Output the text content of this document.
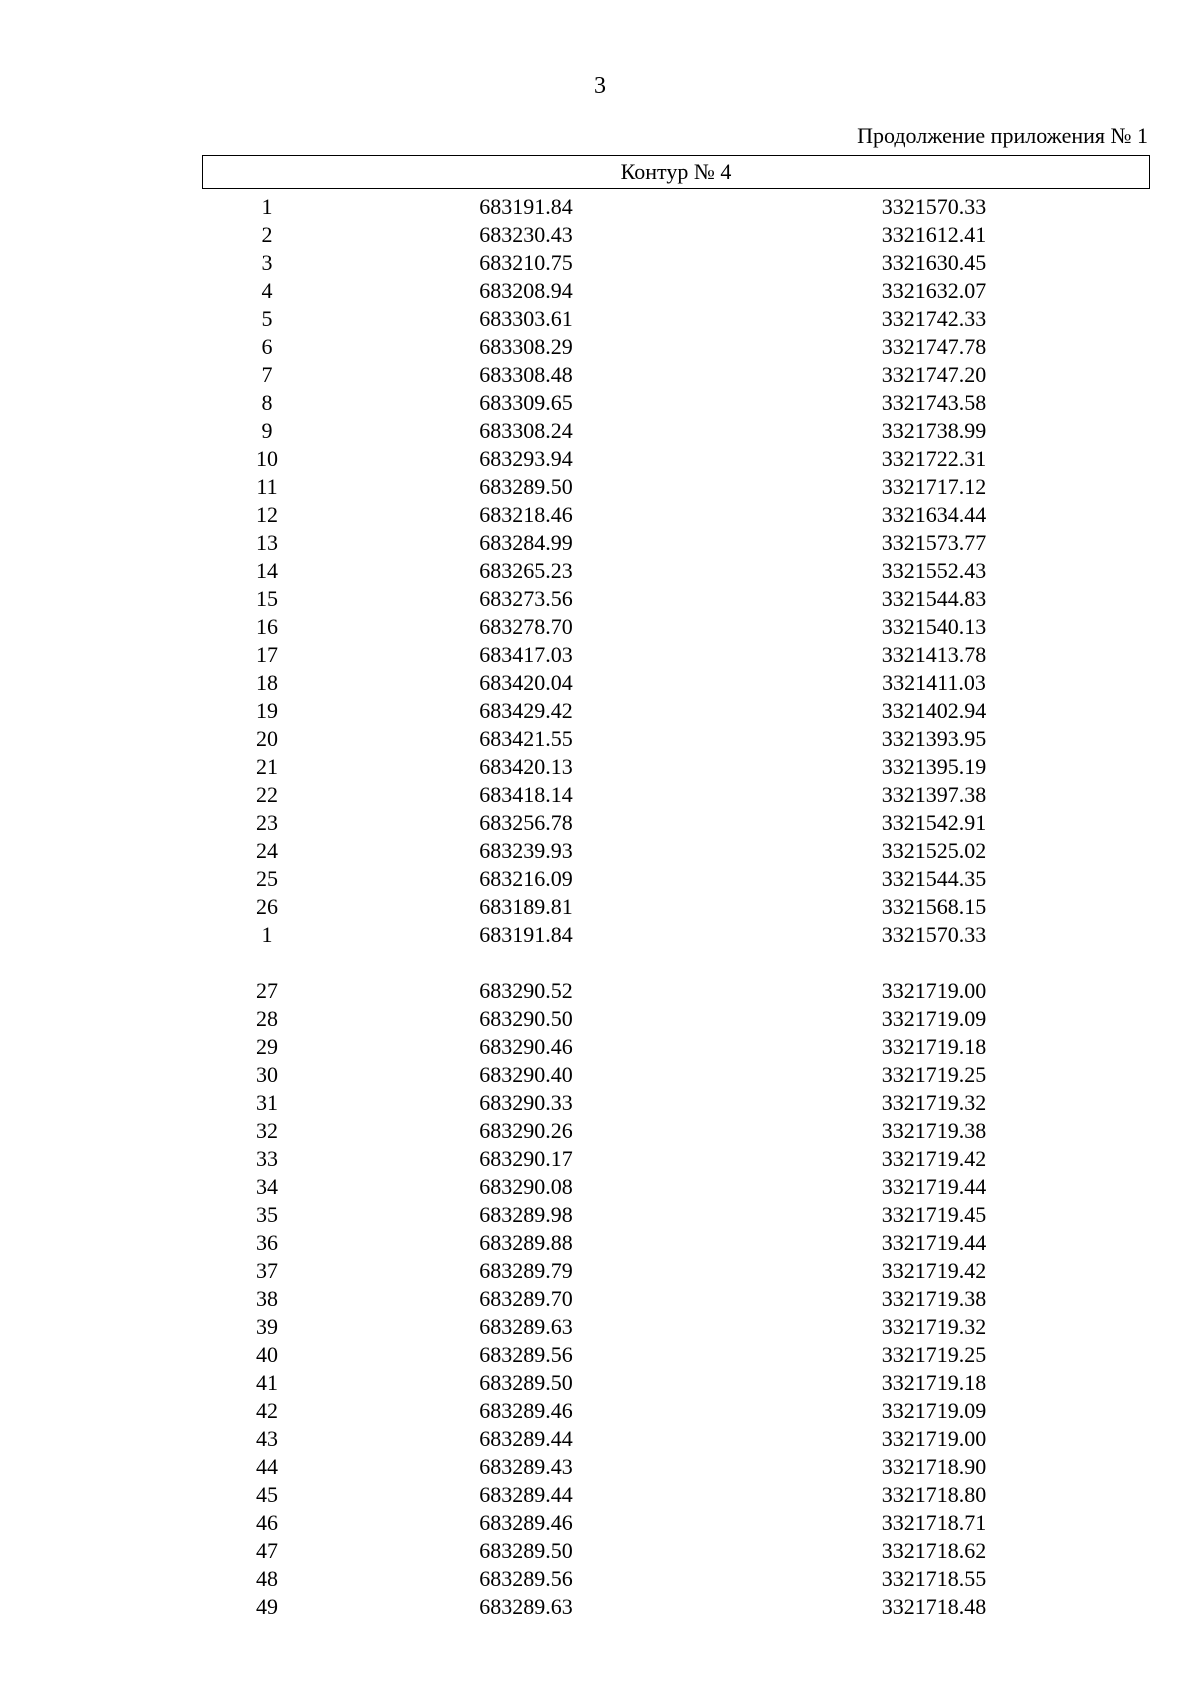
3
Продолжение приложения № 1
Контур № 4
1	683191.84	3321570.33
2	683230.43	3321612.41
3	683210.75	3321630.45
4	683208.94	3321632.07
5	683303.61	3321742.33
6	683308.29	3321747.78
7	683308.48	3321747.20
8	683309.65	3321743.58
9	683308.24	3321738.99
10	683293.94	3321722.31
11	683289.50	3321717.12
12	683218.46	3321634.44
13	683284.99	3321573.77
14	683265.23	3321552.43
15	683273.56	3321544.83
16	683278.70	3321540.13
17	683417.03	3321413.78
18	683420.04	3321411.03
19	683429.42	3321402.94
20	683421.55	3321393.95
21	683420.13	3321395.19
22	683418.14	3321397.38
23	683256.78	3321542.91
24	683239.93	3321525.02
25	683216.09	3321544.35
26	683189.81	3321568.15
1	683191.84	3321570.33
27	683290.52	3321719.00
28	683290.50	3321719.09
29	683290.46	3321719.18
30	683290.40	3321719.25
31	683290.33	3321719.32
32	683290.26	3321719.38
33	683290.17	3321719.42
34	683290.08	3321719.44
35	683289.98	3321719.45
36	683289.88	3321719.44
37	683289.79	3321719.42
38	683289.70	3321719.38
39	683289.63	3321719.32
40	683289.56	3321719.25
41	683289.50	3321719.18
42	683289.46	3321719.09
43	683289.44	3321719.00
44	683289.43	3321718.90
45	683289.44	3321718.80
46	683289.46	3321718.71
47	683289.50	3321718.62
48	683289.56	3321718.55
49	683289.63	3321718.48
